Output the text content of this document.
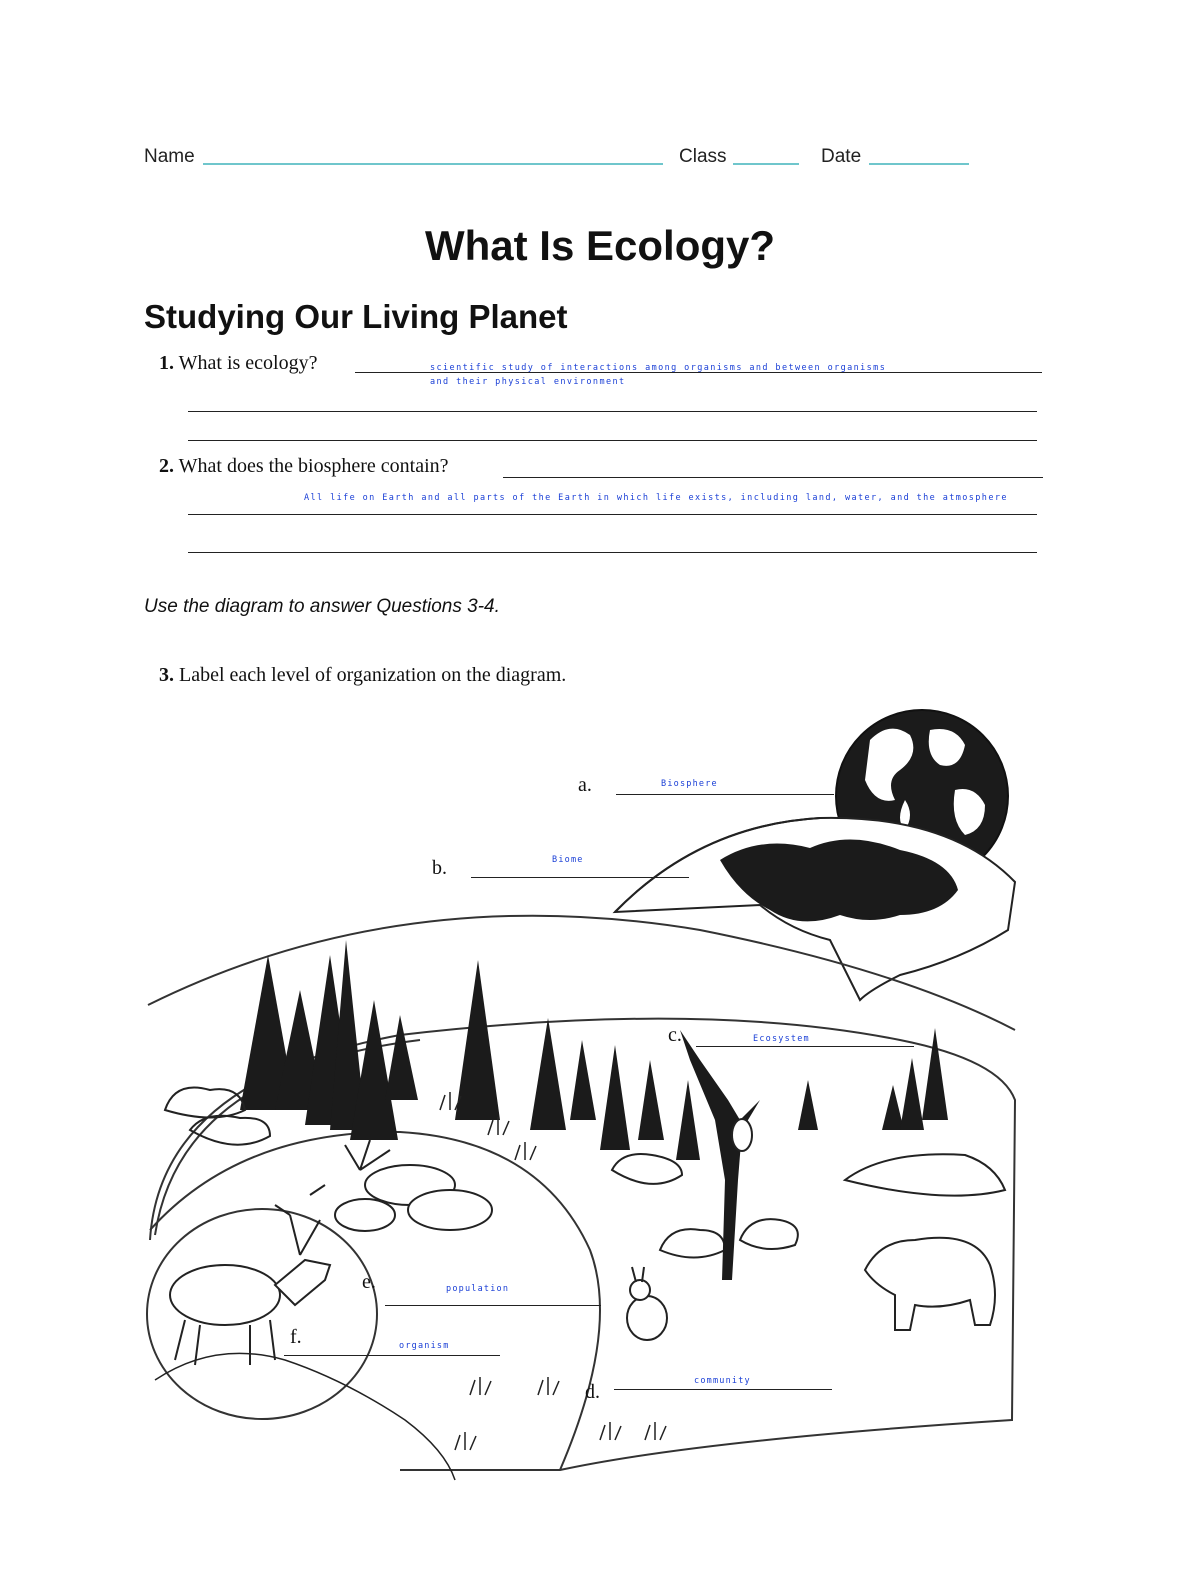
Name	Class	Date
What Is Ecology?
Studying Our Living Planet
1. What is ecology?	scientific study of interactions among organisms and between organisms
and their physical environment
2. What does the biosphere contain?
All life on Earth and all parts of the Earth in which life exists, including land, water, and the atmosphere
Use the diagram to answer Questions 3-4.
3. Label each level of organization on the diagram.
a.	Biosphere
b.	Biome
c.	Ecosystem
d.	community
e.	population
f.	organism
